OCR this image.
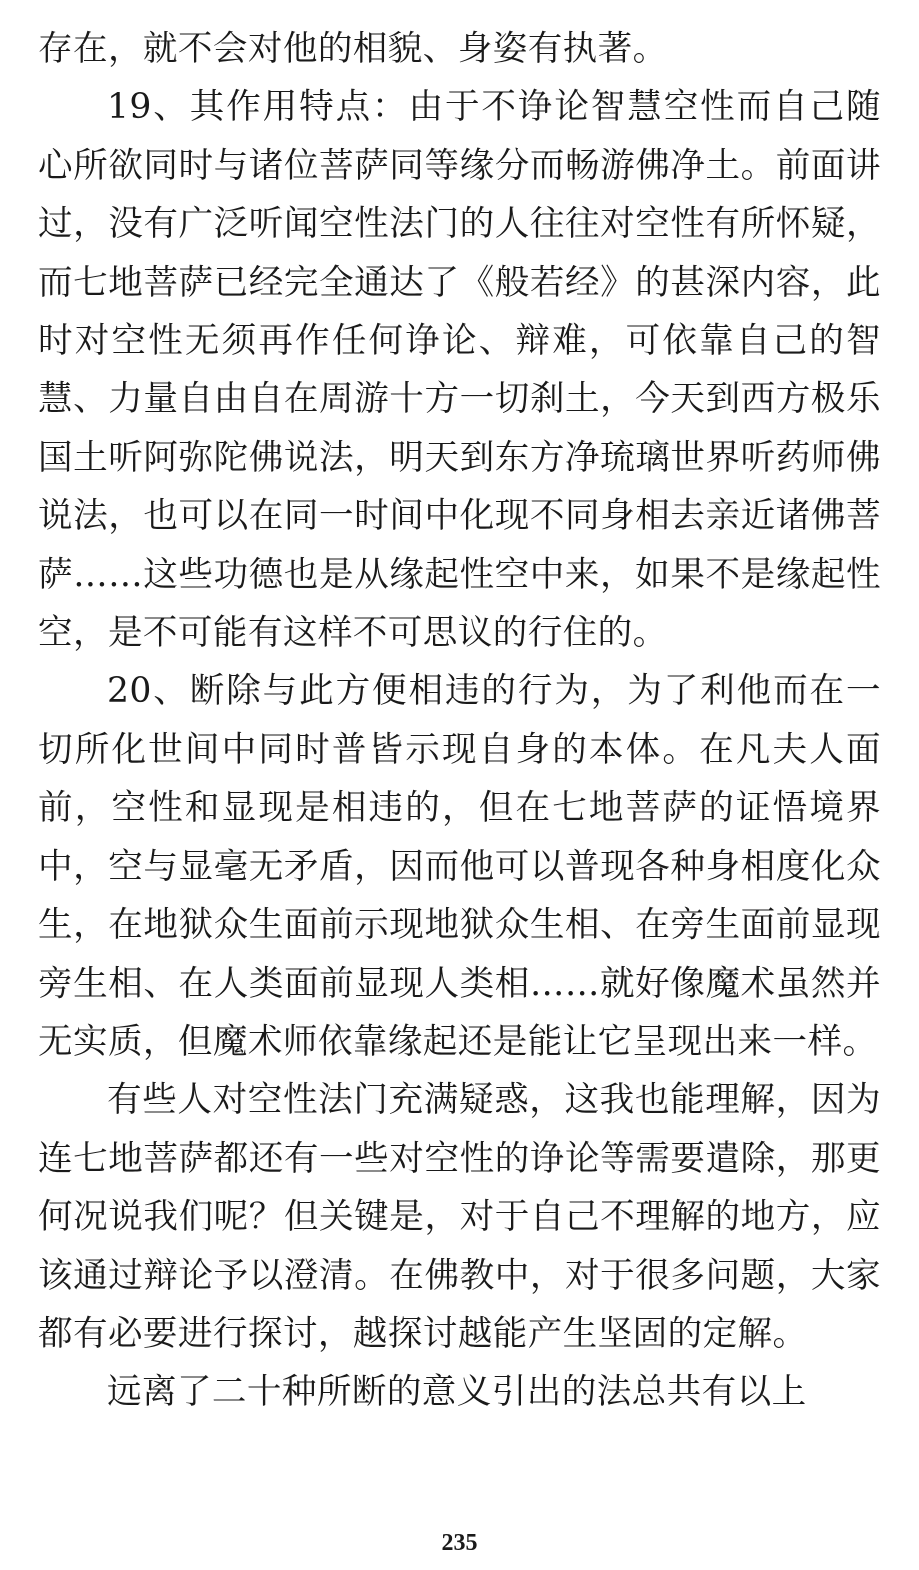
存在，就不会对他的相貌、身姿有执著。

19、其作用特点：由于不诤论智慧空性而自己随心所欲同时与诸位菩萨同等缘分而畅游佛净土。前面讲过，没有广泛听闻空性法门的人往往对空性有所怀疑，而七地菩萨已经完全通达了《般若经》的甚深内容，此时对空性无须再作任何诤论、辩难，可依靠自己的智慧、力量自由自在周游十方一切刹土，今天到西方极乐国土听阿弥陀佛说法，明天到东方净琉璃世界听药师佛说法，也可以在同一时间中化现不同身相去亲近诸佛菩萨……这些功德也是从缘起性空中来，如果不是缘起性空，是不可能有这样不可思议的行住的。

20、断除与此方便相违的行为，为了利他而在一切所化世间中同时普皆示现自身的本体。在凡夫人面前，空性和显现是相违的，但在七地菩萨的证悟境界中，空与显毫无矛盾，因而他可以普现各种身相度化众生，在地狱众生面前示现地狱众生相、在旁生面前显现旁生相、在人类面前显现人类相……就好像魔术虽然并无实质，但魔术师依靠缘起还是能让它呈现出来一样。

有些人对空性法门充满疑惑，这我也能理解，因为连七地菩萨都还有一些对空性的诤论等需要遣除，那更何况说我们呢？但关键是，对于自己不理解的地方，应该通过辩论予以澄清。在佛教中，对于很多问题，大家都有必要进行探讨，越探讨越能产生坚固的定解。

远离了二十种所断的意义引出的法总共有以上

235
